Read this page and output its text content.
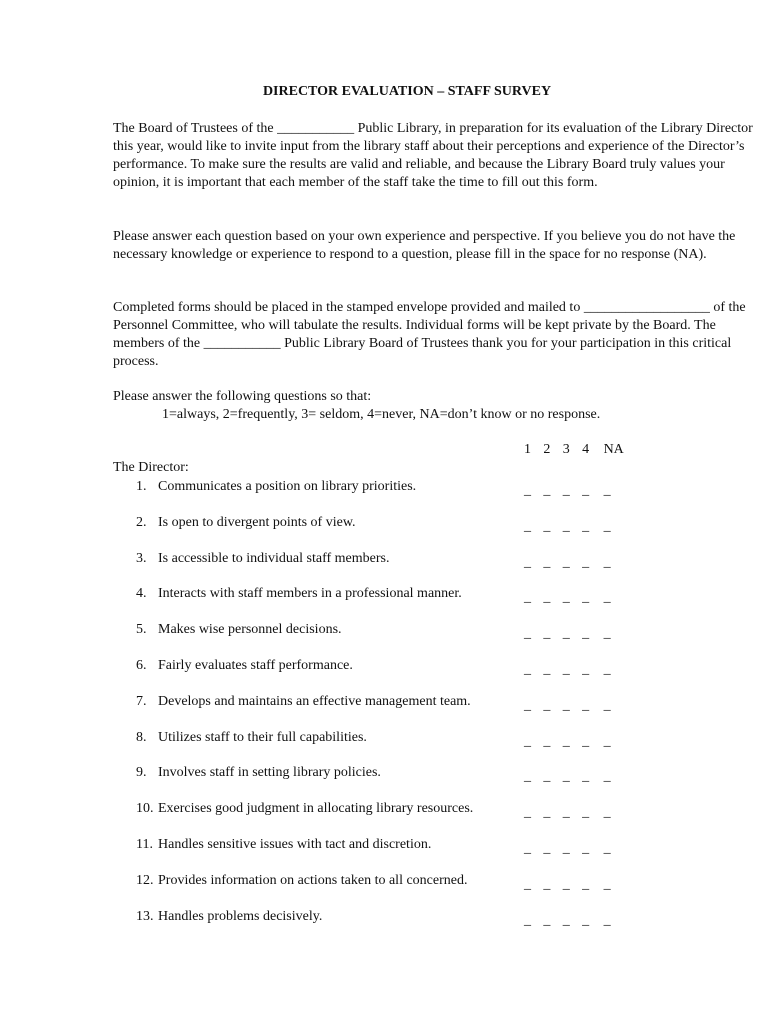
DIRECTOR EVALUATION – STAFF SURVEY

The Board of Trustees of the ___________ Public Library, in preparation for its evaluation of the Library Director this year, would like to invite input from the library staff about their perceptions and experience of the Director’s performance. To make sure the results are valid and reliable, and because the Library Board truly values your opinion, it is important that each member of the staff take the time to fill out this form.

Please answer each question based on your own experience and perspective. If you believe you do not have the necessary knowledge or experience to respond to a question, please fill in the space for no response (NA).

Completed forms should be placed in the stamped envelope provided and mailed to __________________ of the Personnel Committee, who will tabulate the results. Individual forms will be kept private by the Board. The members of the ___________ Public Library Board of Trustees thank you for your participation in this critical process.

Please answer the following questions so that:

1=always, 2=frequently, 3= seldom, 4=never, NA=don’t know or no response.
1 2 3 4 NA
The Director:
1. Communicates a position on library priorities.	_ _ _ _ _
2. Is open to divergent points of view.	_ _ _ _ _
3. Is accessible to individual staff members.	_ _ _ _ _
4. Interacts with staff members in a professional manner.	_ _ _ _ _
5. Makes wise personnel decisions.	_ _ _ _ _
6. Fairly evaluates staff performance.	_ _ _ _ _
7. Develops and maintains an effective management team.	_ _ _ _ _
8. Utilizes staff to their full capabilities.	_ _ _ _ _
9. Involves staff in setting library policies.	_ _ _ _ _
10. Exercises good judgment in allocating library resources.	_ _ _ _ _
11. Handles sensitive issues with tact and discretion.	_ _ _ _ _
12. Provides information on actions taken to all concerned.	_ _ _ _ _
13. Handles problems decisively.	_ _ _ _ _
